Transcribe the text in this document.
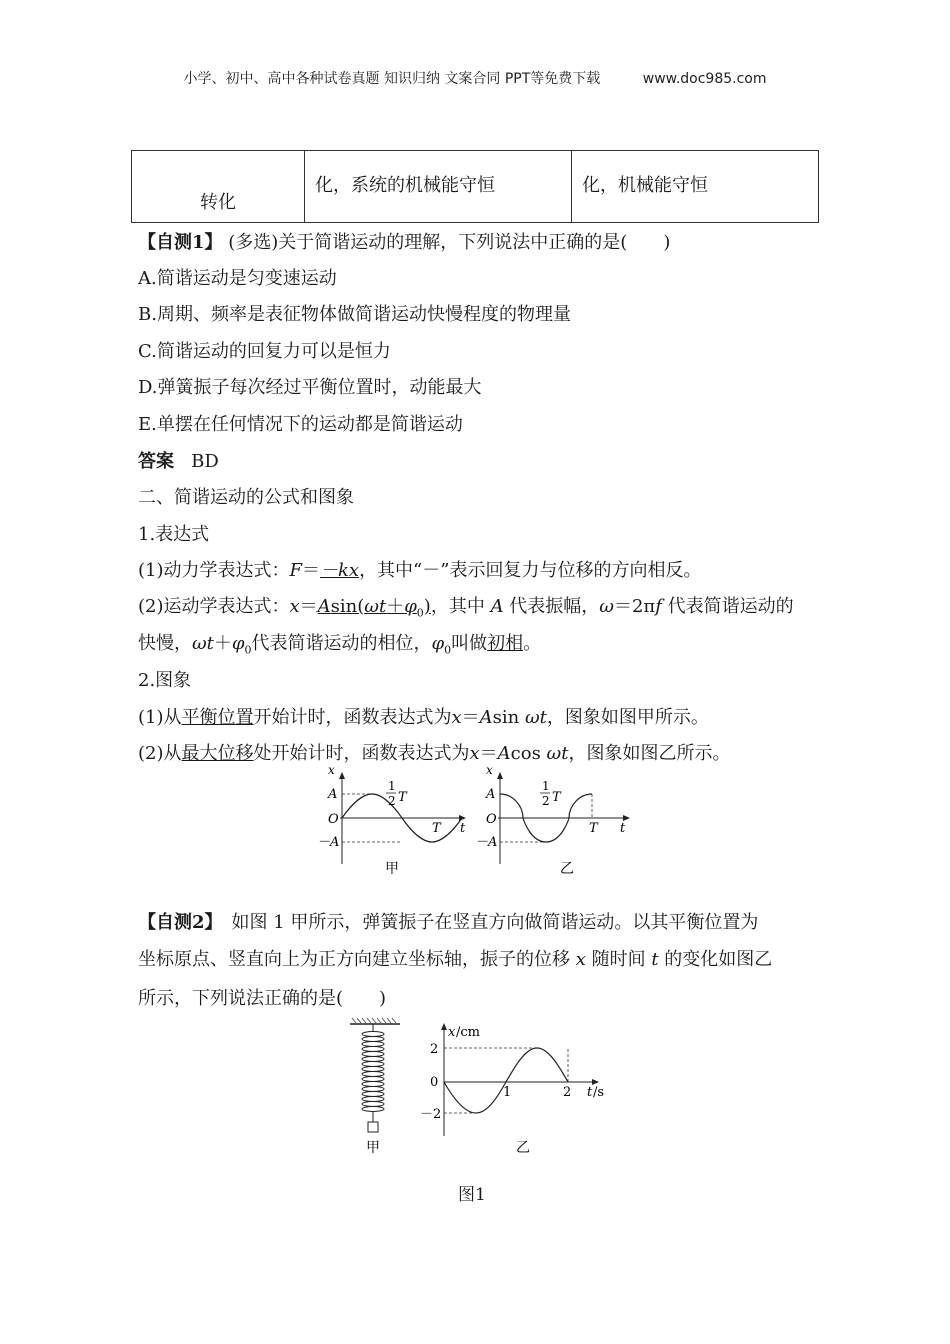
小学、初中、高中各种试卷真题 知识归纳 文案合同 PPT等免费下载	www.doc985.com
转化	化，系统的机械能守恒	化，机械能守恒
【自测1】 (多选)关于简谐运动的理解，下列说法中正确的是(　　)
A.简谐运动是匀变速运动
B.周期、频率是表征物体做简谐运动快慢程度的物理量
C.简谐运动的回复力可以是恒力
D.弹簧振子每次经过平衡位置时，动能最大
E.单摆在任何情况下的运动都是简谐运动
答案 BD
二、简谐运动的公式和图象
1.表达式
(1)动力学表达式：F＝－kx，其中“－”表示回复力与位移的方向相反。
(2)运动学表达式：$x=Asin(\omega t+\varphi_0)$，其中 A 代表振幅，ω＝2πf 代表简谐运动的
快慢，$\omega t+\varphi_0$代表简谐运动的相位，$\varphi_0$叫做初相。
2.图象
(1)从平衡位置开始计时，函数表达式为x＝Asin ωt，图象如图甲所示。
(2)从最大位移处开始计时，函数表达式为x＝Acos ωt，图象如图乙所示。
x
A
O
－A
1
2 T
T t
甲
x
A
O
－A
1
2 T
T t
乙
【自测2】　如图 1 甲所示，弹簧振子在竖直方向做简谐运动。以其平衡位置为
坐标原点、竖直向上为正方向建立坐标轴，振子的位移 x 随时间 t 的变化如图乙
所示，下列说法正确的是(　　)
甲
x /cm
2
0
－2
1	2 t /s
乙
图1
